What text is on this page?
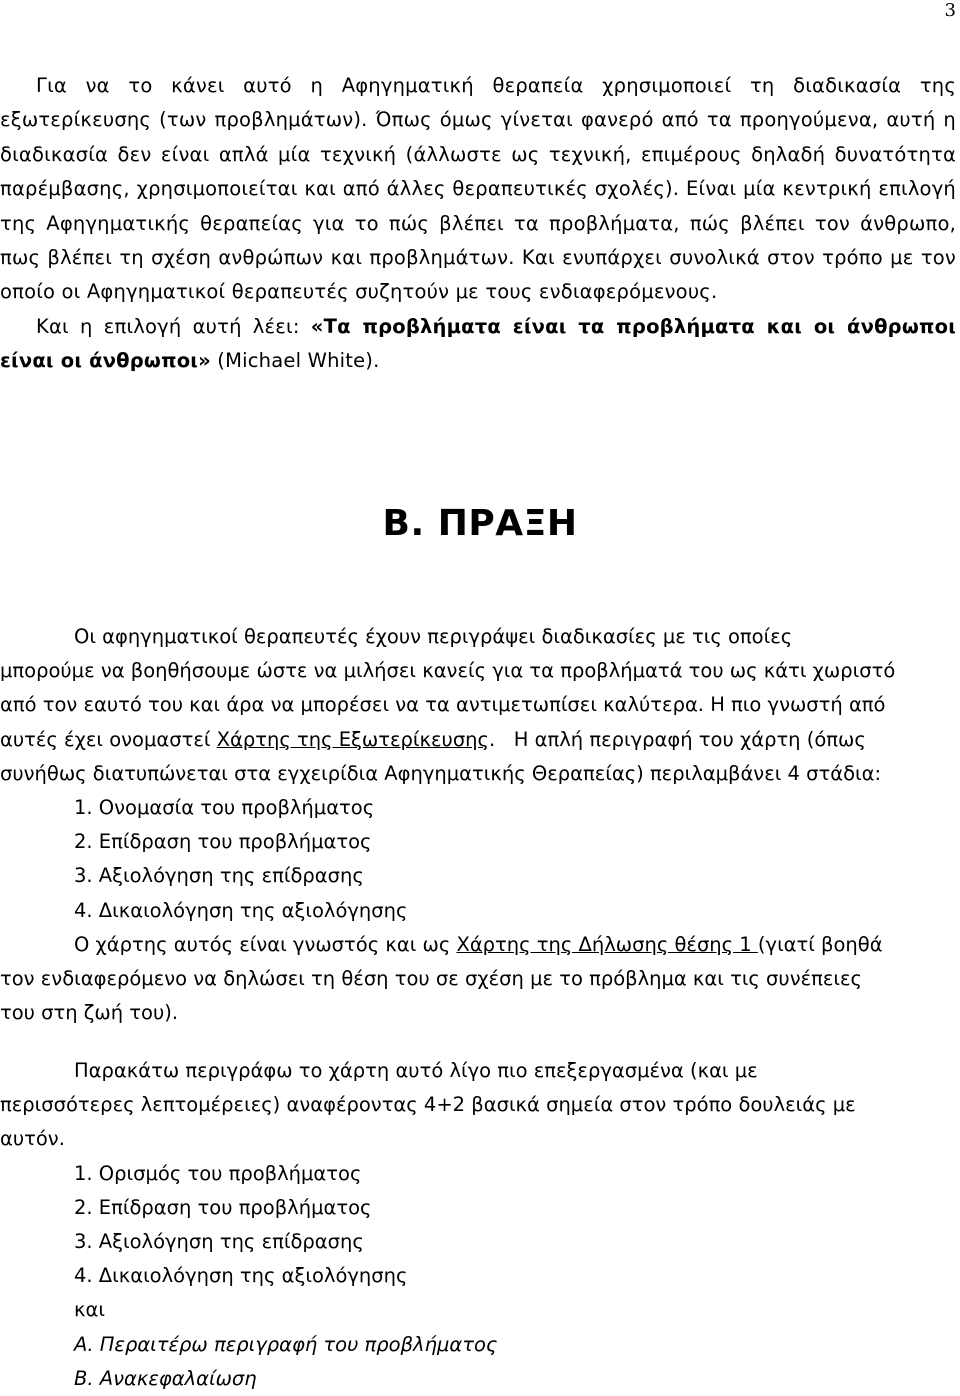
3
Για να το κάνει αυτό η Αφηγηματική θεραπεία χρησιμοποιεί τη διαδικασία της εξωτερίκευσης (των προβλημάτων). Όπως όμως γίνεται φανερό από τα προηγούμενα, αυτή η διαδικασία δεν είναι απλά μία τεχνική (άλλωστε ως τεχνική, επιμέρους δηλαδή δυνατότητα παρέμβασης, χρησιμοποιείται και από άλλες θεραπευτικές σχολές). Είναι μία κεντρική επιλογή της Αφηγηματικής θεραπείας για το πώς βλέπει τα προβλήματα, πώς βλέπει τον άνθρωπο, πως βλέπει τη σχέση ανθρώπων και προβλημάτων. Και ενυπάρχει συνολικά στον τρόπο με τον οποίο οι Αφηγηματικοί θεραπευτές συζητούν με τους ενδιαφερόμενους.
Και η επιλογή αυτή λέει: «Τα προβλήματα είναι τα προβλήματα και οι άνθρωποι είναι οι άνθρωποι» (Michael White).
Β. ΠΡΑΞΗ
Οι αφηγηματικοί θεραπευτές έχουν περιγράψει διαδικασίες με τις οποίες
μπορούμε να βοηθήσουμε ώστε να μιλήσει κανείς για τα προβλήματά του ως κάτι χωριστό
από τον εαυτό του και άρα να μπορέσει να τα αντιμετωπίσει καλύτερα. Η πιο γνωστή από
αυτές έχει ονομαστεί Χάρτης της Εξωτερίκευσης.   Η απλή περιγραφή του χάρτη (όπως
συνήθως διατυπώνεται στα εγχειρίδια Αφηγηματικής Θεραπείας) περιλαμβάνει 4 στάδια:
1. Ονομασία του προβλήματος
2. Επίδραση του προβλήματος
3. Αξιολόγηση της επίδρασης
4. Δικαιολόγηση της αξιολόγησης
Ο χάρτης αυτός είναι γνωστός και ως Χάρτης της Δήλωσης θέσης 1 (γιατί βοηθά
τον ενδιαφερόμενο να δηλώσει τη θέση του σε σχέση με το πρόβλημα και τις συνέπειες
του στη ζωή του).
Παρακάτω περιγράφω το χάρτη αυτό λίγο πιο επεξεργασμένα (και με
περισσότερες λεπτομέρειες) αναφέροντας 4+2 βασικά σημεία στον τρόπο δουλειάς με
αυτόν.
1. Ορισμός του προβλήματος
2. Επίδραση του προβλήματος
3. Αξιολόγηση της επίδρασης
4. Δικαιολόγηση της αξιολόγησης
και
Α. Περαιτέρω περιγραφή του προβλήματος
Β. Ανακεφαλαίωση
